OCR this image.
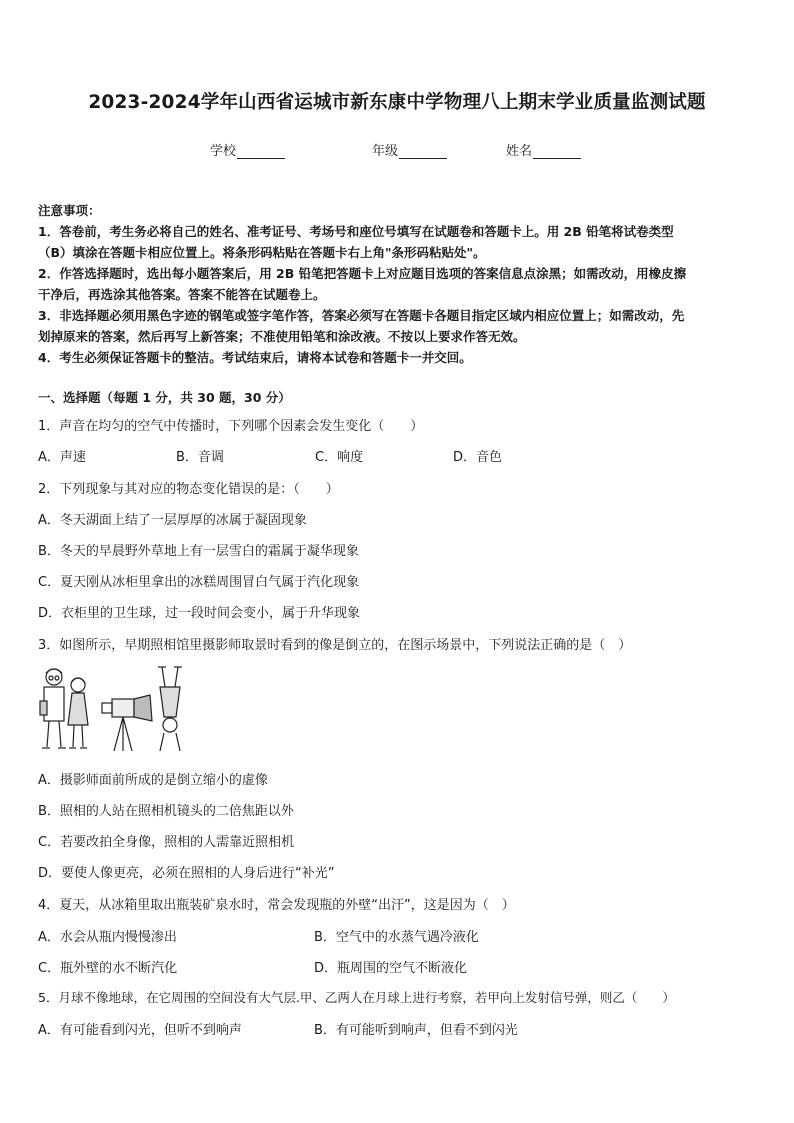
2023-2024学年山西省运城市新东康中学物理八上期末学业质量监测试题
学校	年级	姓名
注意事项：
1．答卷前，考生务必将自己的姓名、准考证号、考场号和座位号填写在试题卷和答题卡上。用 2B 铅笔将试卷类型
（B）填涂在答题卡相应位置上。将条形码粘贴在答题卡右上角"条形码粘贴处"。
2．作答选择题时，选出每小题答案后，用 2B 铅笔把答题卡上对应题目选项的答案信息点涂黑；如需改动，用橡皮擦
干净后，再选涂其他答案。答案不能答在试题卷上。
3．非选择题必须用黑色字迹的钢笔或签字笔作答，答案必须写在答题卡各题目指定区域内相应位置上；如需改动，先
划掉原来的答案，然后再写上新答案；不准使用铅笔和涂改液。不按以上要求作答无效。
4．考生必须保证答题卡的整洁。考试结束后，请将本试卷和答题卡一并交回。
一、选择题（每题 1 分，共 30 题，30 分）
1．声音在均匀的空气中传播时，下列哪个因素会发生变化（　　）
A．声速	B．音调	C．响度	D．音色
2．下列现象与其对应的物态变化错误的是：（　　）
A．冬天湖面上结了一层厚厚的冰属于凝固现象
B．冬天的早晨野外草地上有一层雪白的霜属于凝华现象
C．夏天刚从冰柜里拿出的冰糕周围冒白气属于汽化现象
D．衣柜里的卫生球，过一段时间会变小，属于升华现象
3．如图所示，早期照相馆里摄影师取景时看到的像是倒立的，在图示场景中，下列说法正确的是（　）
A．摄影师面前所成的是倒立缩小的虚像
B．照相的人站在照相机镜头的二倍焦距以外
C．若要改拍全身像，照相的人需靠近照相机
D．要使人像更亮，必须在照相的人身后进行“补光”
4．夏天，从冰箱里取出瓶装矿泉水时，常会发现瓶的外壁“出汗”，这是因为（　）
A．水会从瓶内慢慢渗出	B．空气中的水蒸气遇冷液化
C．瓶外壁的水不断汽化	D．瓶周围的空气不断液化
5．月球不像地球，在它周围的空间没有大气层.甲、乙两人在月球上进行考察，若甲向上发射信号弹，则乙（　　）
A．有可能看到闪光，但听不到响声	B．有可能听到响声，但看不到闪光
